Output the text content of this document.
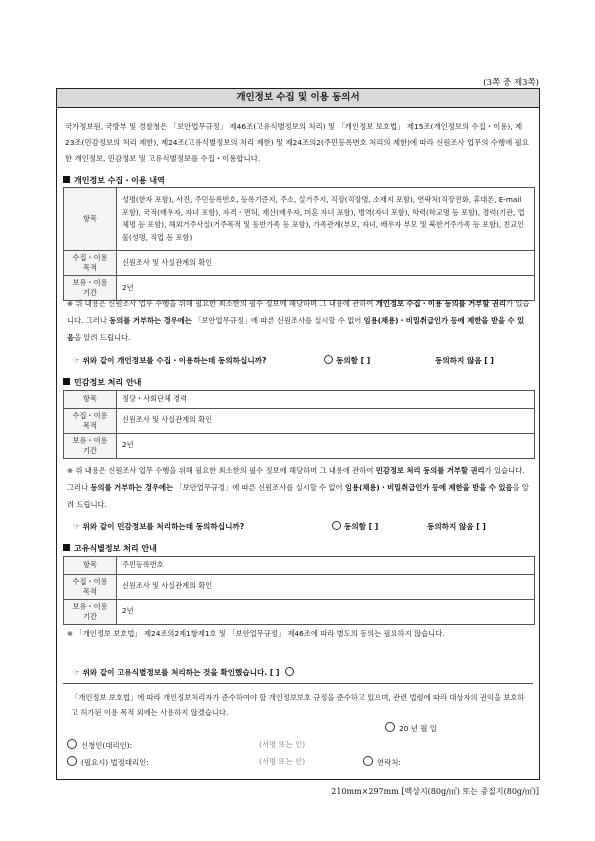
(3쪽 중 제3쪽)
개인정보 수집 및 이용 동의서
국가정보원, 국방부 및 경찰청은 「보안업무규정」 제46조(고유식별정보의 처리) 및 「개인정보 보호법」 제15조(개인정보의 수집・이용), 제23조(민감정보의 처리 제한), 제24조(고유식별정보의 처리 제한) 및 제24조의2(주민등록번호 처리의 제한)에 따라 신원조사 업무의 수행에 필요한 개인정보, 민감정보 및 고유식별정보를 수집・이용합니다.
개인정보 수집・이용 내역
항목	성명(한자 포함), 사진, 주민등록번호, 등록기준지, 주소, 실거주지, 직장(직장명, 소재지 포함), 연락처(직장전화, 휴대폰, E-mail 포함), 국적(배우자, 자녀 포함), 자격・면허, 재산(배우자, 미혼 자녀 포함), 병역(자녀 포함), 학력(학교명 등 포함), 경력(기관, 업체명 등 포함), 해외거주사실(거주목적 및 동반가족 등 포함), 가족관계(부모, 자녀, 배우자 부모 및 북한거주가족 등 포함), 친교인물(성명, 직업 등 포함)
수집・이용 목적	신원조사 및 사실관계의 확인
보유・이용 기간	2년
※ 위 내용은 신원조사 업무 수행을 위해 필요한 최소한의 필수 정보에 해당하며 그 내용에 관하여 개인정보 수집・이용 동의를 거부할 권리가 있습니다. 그러나 동의를 거부하는 경우에는 「보안업무규정」에 따른 신원조사를 실시할 수 없어 임용(채용)・비밀취급인가 등에 제한을 받을 수 있음을 알려 드립니다.
☞ 위와 같이 개인정보를 수집・이용하는데 동의하십니까?	동의함 [ ]	동의하지 않음 [ ]
민감정보 처리 안내
항목	정당・사회단체 경력
수집・이용 목적	신원조사 및 사실관계의 확인
보유・이용 기간	2년
※ 위 내용은 신원조사 업무 수행을 위해 필요한 최소한의 필수 정보에 해당하며 그 내용에 관하여 민감정보 처리 동의를 거부할 권리가 있습니다. 그러나 동의를 거부하는 경우에는 「보안업무규정」에 따른 신원조사를 실시할 수 없어 임용(채용)・비밀취급인가 등에 제한을 받을 수 있음을 알려 드립니다.
☞ 위와 같이 민감정보를 처리하는데 동의하십니까?	동의함 [ ]	동의하지 않음 [ ]
고유식별정보 처리 안내
항목	주민등록번호
수집・이용 목적	신원조사 및 사실관계의 확인
보유・이용 기간	2년
※ 「개인정보 보호법」 제24조의2제1항제1호 및 「보안업무규정」 제46조에 따라 별도의 동의는 필요하지 않습니다.
☞ 위와 같이 고유식별정보를 처리하는 것을 확인했습니다. [ ]
「개인정보 보호법」에 따라 개인정보처리자가 준수하여야 할 개인정보보호 규정을 준수하고 있으며, 관련 법령에 따라 대상자의 권익을 보호하고 허가된 이용 목적 외에는 사용하지 않겠습니다.
20 년 월 일
신청인(대리인):	(서명 또는 인)
(필요시) 법정대리인:	(서명 또는 인)	연락처:
210mm×297mm [백상지(80g/㎡) 또는 중질지(80g/㎡)]
